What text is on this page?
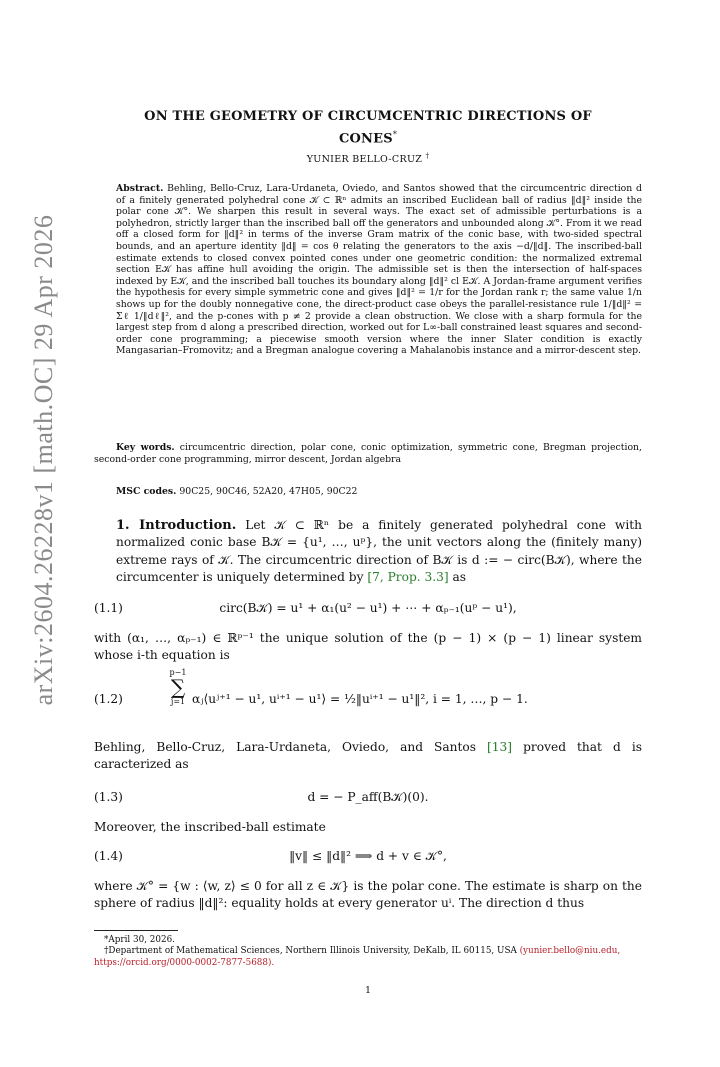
arXiv:2604.26228v1 [math.OC] 29 Apr 2026
ON THE GEOMETRY OF CIRCUMCENTRIC DIRECTIONS OF
CONES*
YUNIER BELLO-CRUZ †
Abstract. Behling, Bello-Cruz, Lara-Urdaneta, Oviedo, and Santos showed that the circumcentric direction d of a finitely generated polyhedral cone 𝒦 ⊂ ℝⁿ admits an inscribed Euclidean ball of radius ‖d‖² inside the polar cone 𝒦°. We sharpen this result in several ways. The exact set of admissible perturbations is a polyhedron, strictly larger than the inscribed ball off the generators and unbounded along 𝒦°. From it we read off a closed form for ‖d‖² in terms of the inverse Gram matrix of the conic base, with two-sided spectral bounds, and an aperture identity ‖d‖ = cos θ relating the generators to the axis −d/‖d‖. The inscribed-ball estimate extends to closed convex pointed cones under one geometric condition: the normalized extremal section E𝒦 has affine hull avoiding the origin. The admissible set is then the intersection of half-spaces indexed by E𝒦, and the inscribed ball touches its boundary along ‖d‖² cl E𝒦. A Jordan-frame argument verifies the hypothesis for every simple symmetric cone and gives ‖d‖² = 1/r for the Jordan rank r; the same value 1/n shows up for the doubly nonnegative cone, the direct-product case obeys the parallel-resistance rule 1/‖d‖² = Σℓ 1/‖dℓ‖², and the p-cones with p ≠ 2 provide a clean obstruction. We close with a sharp formula for the largest step from d along a prescribed direction, worked out for L∞-ball constrained least squares and second-order cone programming; a piecewise smooth version where the inner Slater condition is exactly Mangasarian–Fromovitz; and a Bregman analogue covering a Mahalanobis instance and a mirror-descent step.
Key words. circumcentric direction, polar cone, conic optimization, symmetric cone, Bregman projection, second-order cone programming, mirror descent, Jordan algebra
MSC codes. 90C25, 90C46, 52A20, 47H05, 90C22
1. Introduction. Let 𝒦 ⊂ ℝⁿ be a finitely generated polyhedral cone with normalized conic base B𝒦 = {u¹, …, uᵖ}, the unit vectors along the (finitely many) extreme rays of 𝒦. The circumcentric direction of B𝒦 is d := − circ(B𝒦), where the circumcenter is uniquely determined by [7, Prop. 3.3] as
(1.1)	circ(B𝒦) = u¹ + α₁(u² − u¹) + ⋯ + αₚ₋₁(uᵖ − u¹),
with (α₁, …, αₚ₋₁) ∈ ℝᵖ⁻¹ the unique solution of the (p − 1) × (p − 1) linear system whose i-th equation is
(1.2)
p−1
∑
j=1 αⱼ⟨uʲ⁺¹ − u¹, uⁱ⁺¹ − u¹⟩ = ½‖uⁱ⁺¹ − u¹‖², i = 1, …, p − 1.
Behling, Bello-Cruz, Lara-Urdaneta, Oviedo, and Santos [13] proved that d is caracterized as
(1.3)	d = − P_aff(B𝒦)(0).
Moreover, the inscribed-ball estimate
(1.4)	‖v‖ ≤ ‖d‖² ⟹ d + v ∈ 𝒦°,
where 𝒦° = {w : ⟨w, z⟩ ≤ 0 for all z ∈ 𝒦} is the polar cone. The estimate is sharp on the sphere of radius ‖d‖²: equality holds at every generator uⁱ. The direction d thus
*April 30, 2026.
†Department of Mathematical Sciences, Northern Illinois University, DeKalb, IL 60115, USA (yunier.bello@niu.edu, https://orcid.org/0000-0002-7877-5688).
1
